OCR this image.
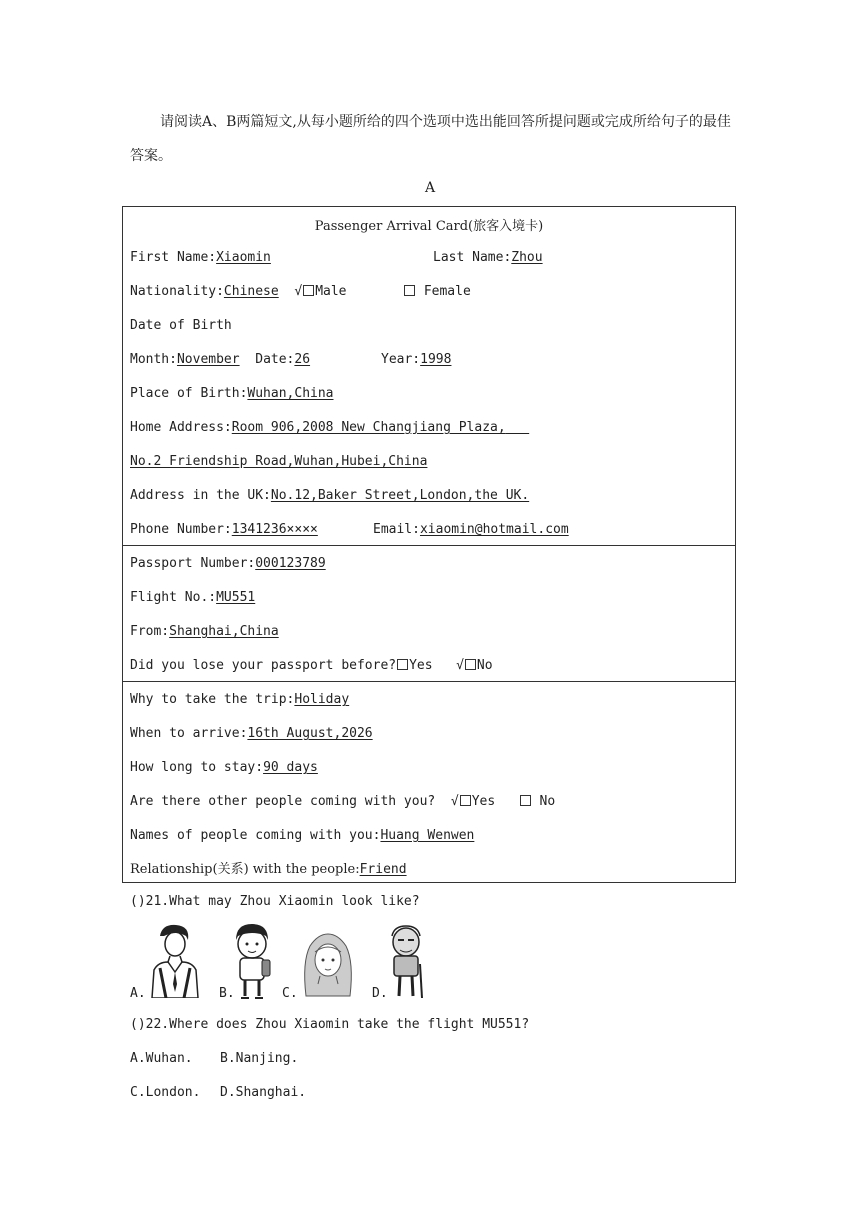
请阅读A、B两篇短文,从每小题所给的四个选项中选出能回答所提问题或完成所给句子的最佳答案。
A
Passenger Arrival Card(旅客入境卡)
First Name:Xiaomin	Last Name:Zhou
Nationality:Chinese √ Male	Female
Date of Birth
Month:November Date:26	Year:1998
Place of Birth:Wuhan,China
Home Address:Room 906,2008 New Changjiang Plaza,
No.2 Friendship Road,Wuhan,Hubei,China
Address in the UK:No.12,Baker Street,London,the UK.
Phone Number:1341236××××	Email:xiaomin@hotmail.com
Passport Number:000123789
Flight No.:MU551
From:Shanghai,China
Did you lose your passport before? Yes √ No
Why to take the trip:Holiday
When to arrive:16th August,2026
How long to stay:90 days
Are there other people coming with you? √ Yes	No
Names of people coming with you:Huang Wenwen
Relationship(关系) with the people:Friend
()21.What may Zhou Xiaomin look like?
A.	B.	C.	D.
()22.Where does Zhou Xiaomin take the flight MU551?
A.Wuhan. B.Nanjing.
C.London. D.Shanghai.
